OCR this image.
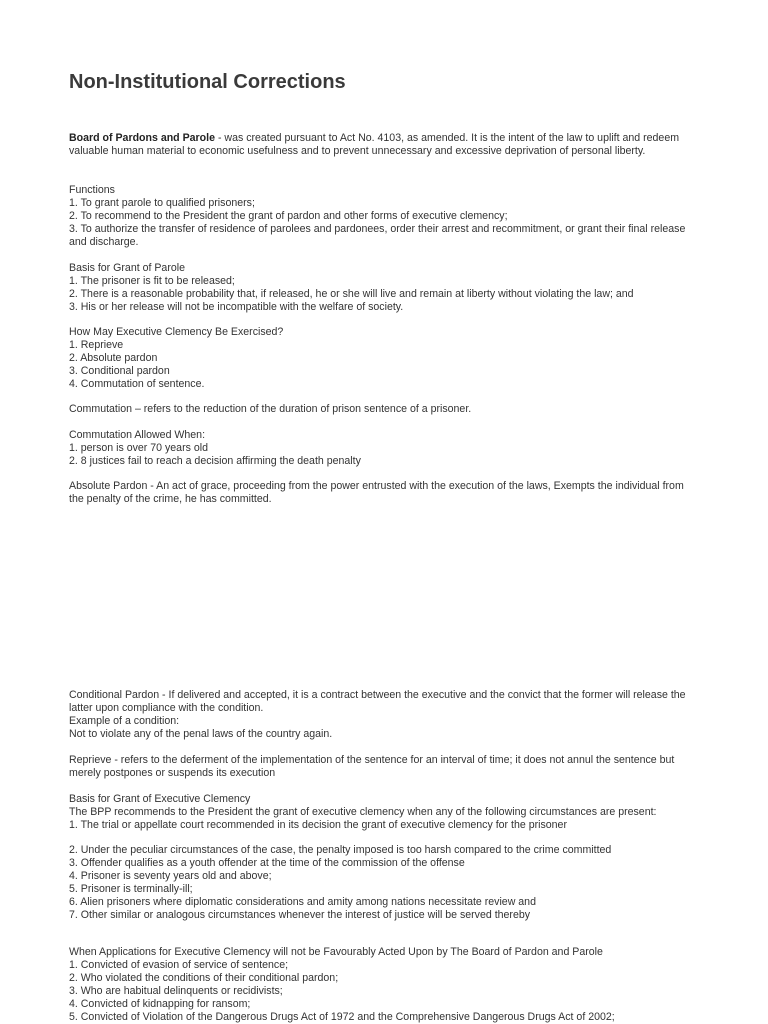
Non-Institutional Corrections

Board of Pardons and Parole - was created pursuant to Act No. 4103, as amended. It is the intent of the law to uplift and redeem valuable human material to economic usefulness and to prevent unnecessary and excessive deprivation of personal liberty.

Functions

1. To grant parole to qualified prisoners;

2. To recommend to the President the grant of pardon and other forms of executive clemency;

3. To authorize the transfer of residence of parolees and pardonees, order their arrest and recommitment, or grant their final release and discharge.

Basis for Grant of Parole

1. The prisoner is fit to be released;

2. There is a reasonable probability that, if released, he or she will live and remain at liberty without violating the law; and

3. His or her release will not be incompatible with the welfare of society.

How May Executive Clemency Be Exercised?

1. Reprieve

2. Absolute pardon

3. Conditional pardon

4. Commutation of sentence.

Commutation – refers to the reduction of the duration of prison sentence of a prisoner.

Commutation Allowed When:

1. person is over 70 years old

2. 8 justices fail to reach a decision affirming the death penalty

Absolute Pardon - An act of grace, proceeding from the power entrusted with the execution of the laws, Exempts the individual from the penalty of the crime, he has committed.

Conditional Pardon - If delivered and accepted, it is a contract between the executive and the convict that the former will release the latter upon compliance with the condition.

Example of a condition:

Not to violate any of the penal laws of the country again.

Reprieve - refers to the deferment of the implementation of the sentence for an interval of time; it does not annul the sentence but merely postpones or suspends its execution

Basis for Grant of Executive Clemency

The BPP recommends to the President the grant of executive clemency when any of the following circumstances are present:

1. The trial or appellate court recommended in its decision the grant of executive clemency for the prisoner

2. Under the peculiar circumstances of the case, the penalty imposed is too harsh compared to the crime committed

3. Offender qualifies as a youth offender at the time of the commission of the offense

4. Prisoner is seventy years old and above;

5. Prisoner is terminally-ill;

6. Alien prisoners where diplomatic considerations and amity among nations necessitate review and

7. Other similar or analogous circumstances whenever the interest of justice will be served thereby

When Applications for Executive Clemency will not be Favourably Acted Upon by The Board of Pardon and Parole

1. Convicted of evasion of service of sentence;

2. Who violated the conditions of their conditional pardon;

3. Who are habitual delinquents or recidivists;

4. Convicted of kidnapping for ransom;

5. Convicted of Violation of the Dangerous Drugs Act of 1972 and the Comprehensive Dangerous Drugs Act of 2002;
